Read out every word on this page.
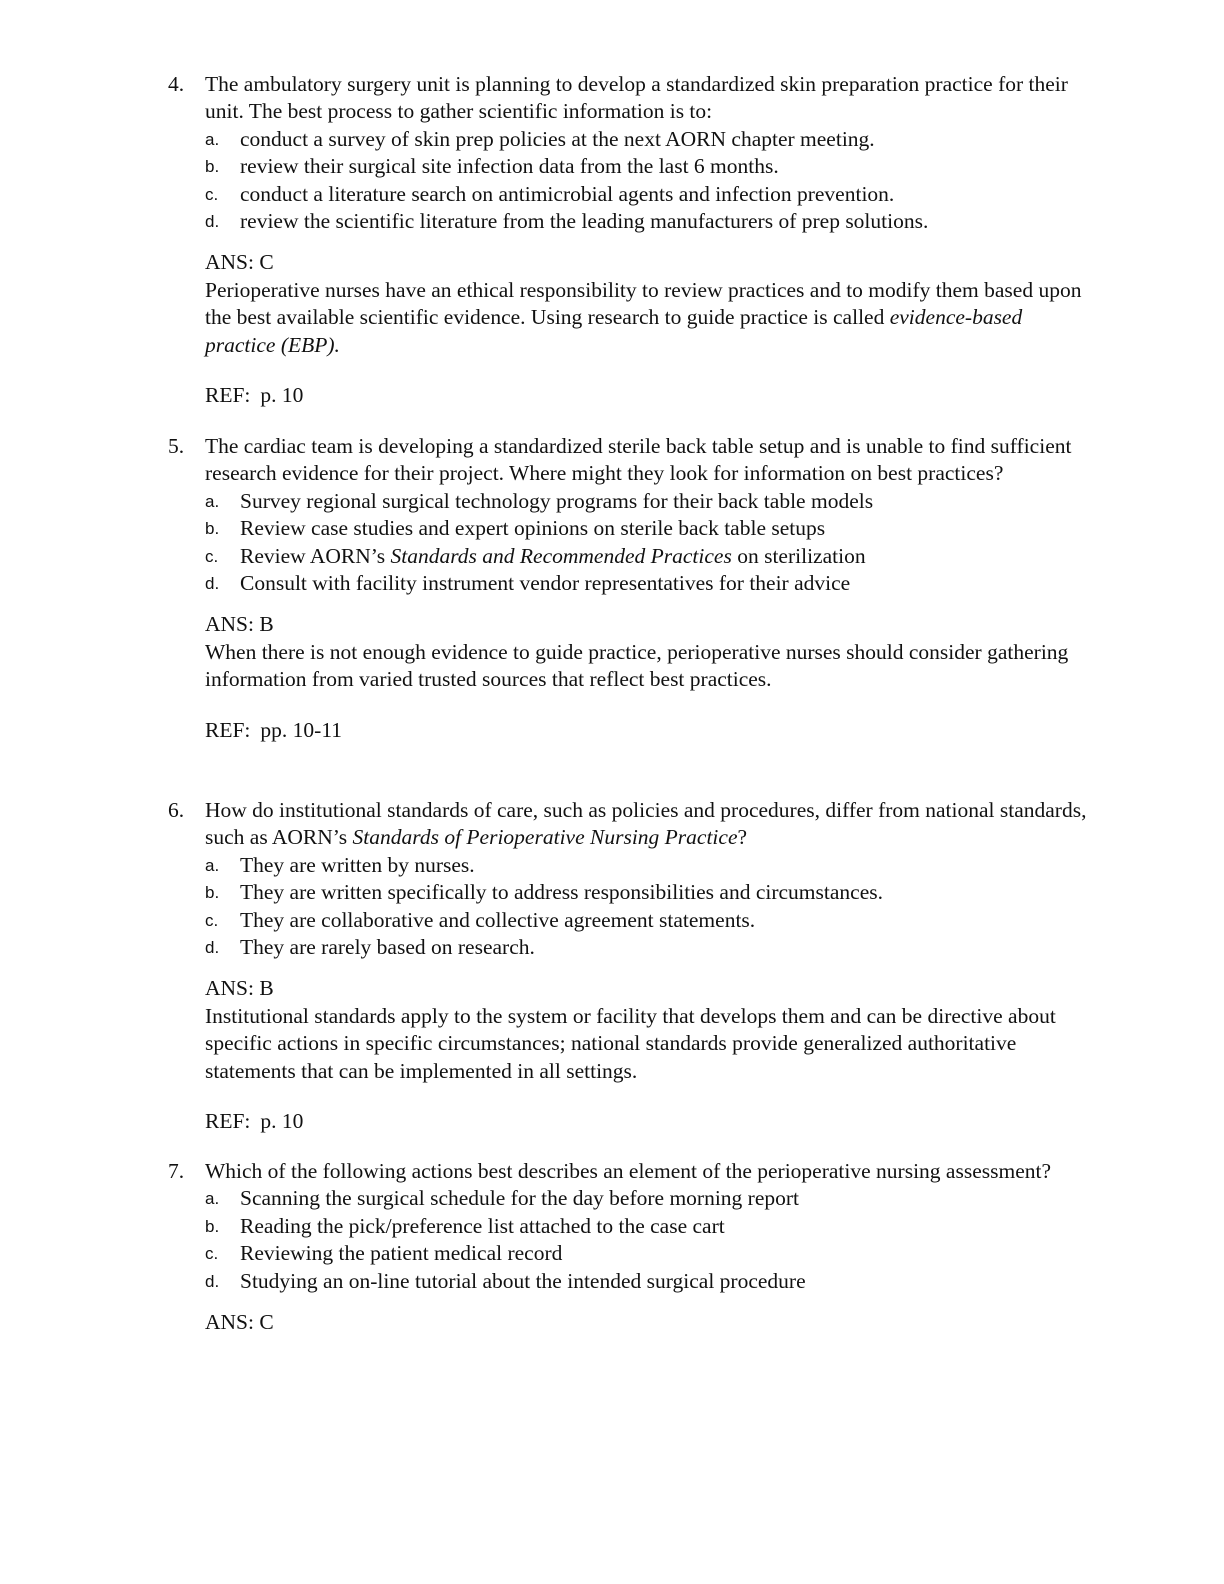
4. The ambulatory surgery unit is planning to develop a standardized skin preparation practice for their unit. The best process to gather scientific information is to:
a. conduct a survey of skin prep policies at the next AORN chapter meeting.
b. review their surgical site infection data from the last 6 months.
c. conduct a literature search on antimicrobial agents and infection prevention.
d. review the scientific literature from the leading manufacturers of prep solutions.
ANS: C
Perioperative nurses have an ethical responsibility to review practices and to modify them based upon the best available scientific evidence. Using research to guide practice is called evidence-based practice (EBP).
REF: p. 10
5. The cardiac team is developing a standardized sterile back table setup and is unable to find sufficient research evidence for their project. Where might they look for information on best practices?
a. Survey regional surgical technology programs for their back table models
b. Review case studies and expert opinions on sterile back table setups
c. Review AORN’s Standards and Recommended Practices on sterilization
d. Consult with facility instrument vendor representatives for their advice
ANS: B
When there is not enough evidence to guide practice, perioperative nurses should consider gathering information from varied trusted sources that reflect best practices.
REF: pp. 10-11
6. How do institutional standards of care, such as policies and procedures, differ from national standards, such as AORN’s Standards of Perioperative Nursing Practice?
a. They are written by nurses.
b. They are written specifically to address responsibilities and circumstances.
c. They are collaborative and collective agreement statements.
d. They are rarely based on research.
ANS: B
Institutional standards apply to the system or facility that develops them and can be directive about specific actions in specific circumstances; national standards provide generalized authoritative statements that can be implemented in all settings.
REF: p. 10
7. Which of the following actions best describes an element of the perioperative nursing assessment?
a. Scanning the surgical schedule for the day before morning report
b. Reading the pick/preference list attached to the case cart
c. Reviewing the patient medical record
d. Studying an on-line tutorial about the intended surgical procedure
ANS: C
